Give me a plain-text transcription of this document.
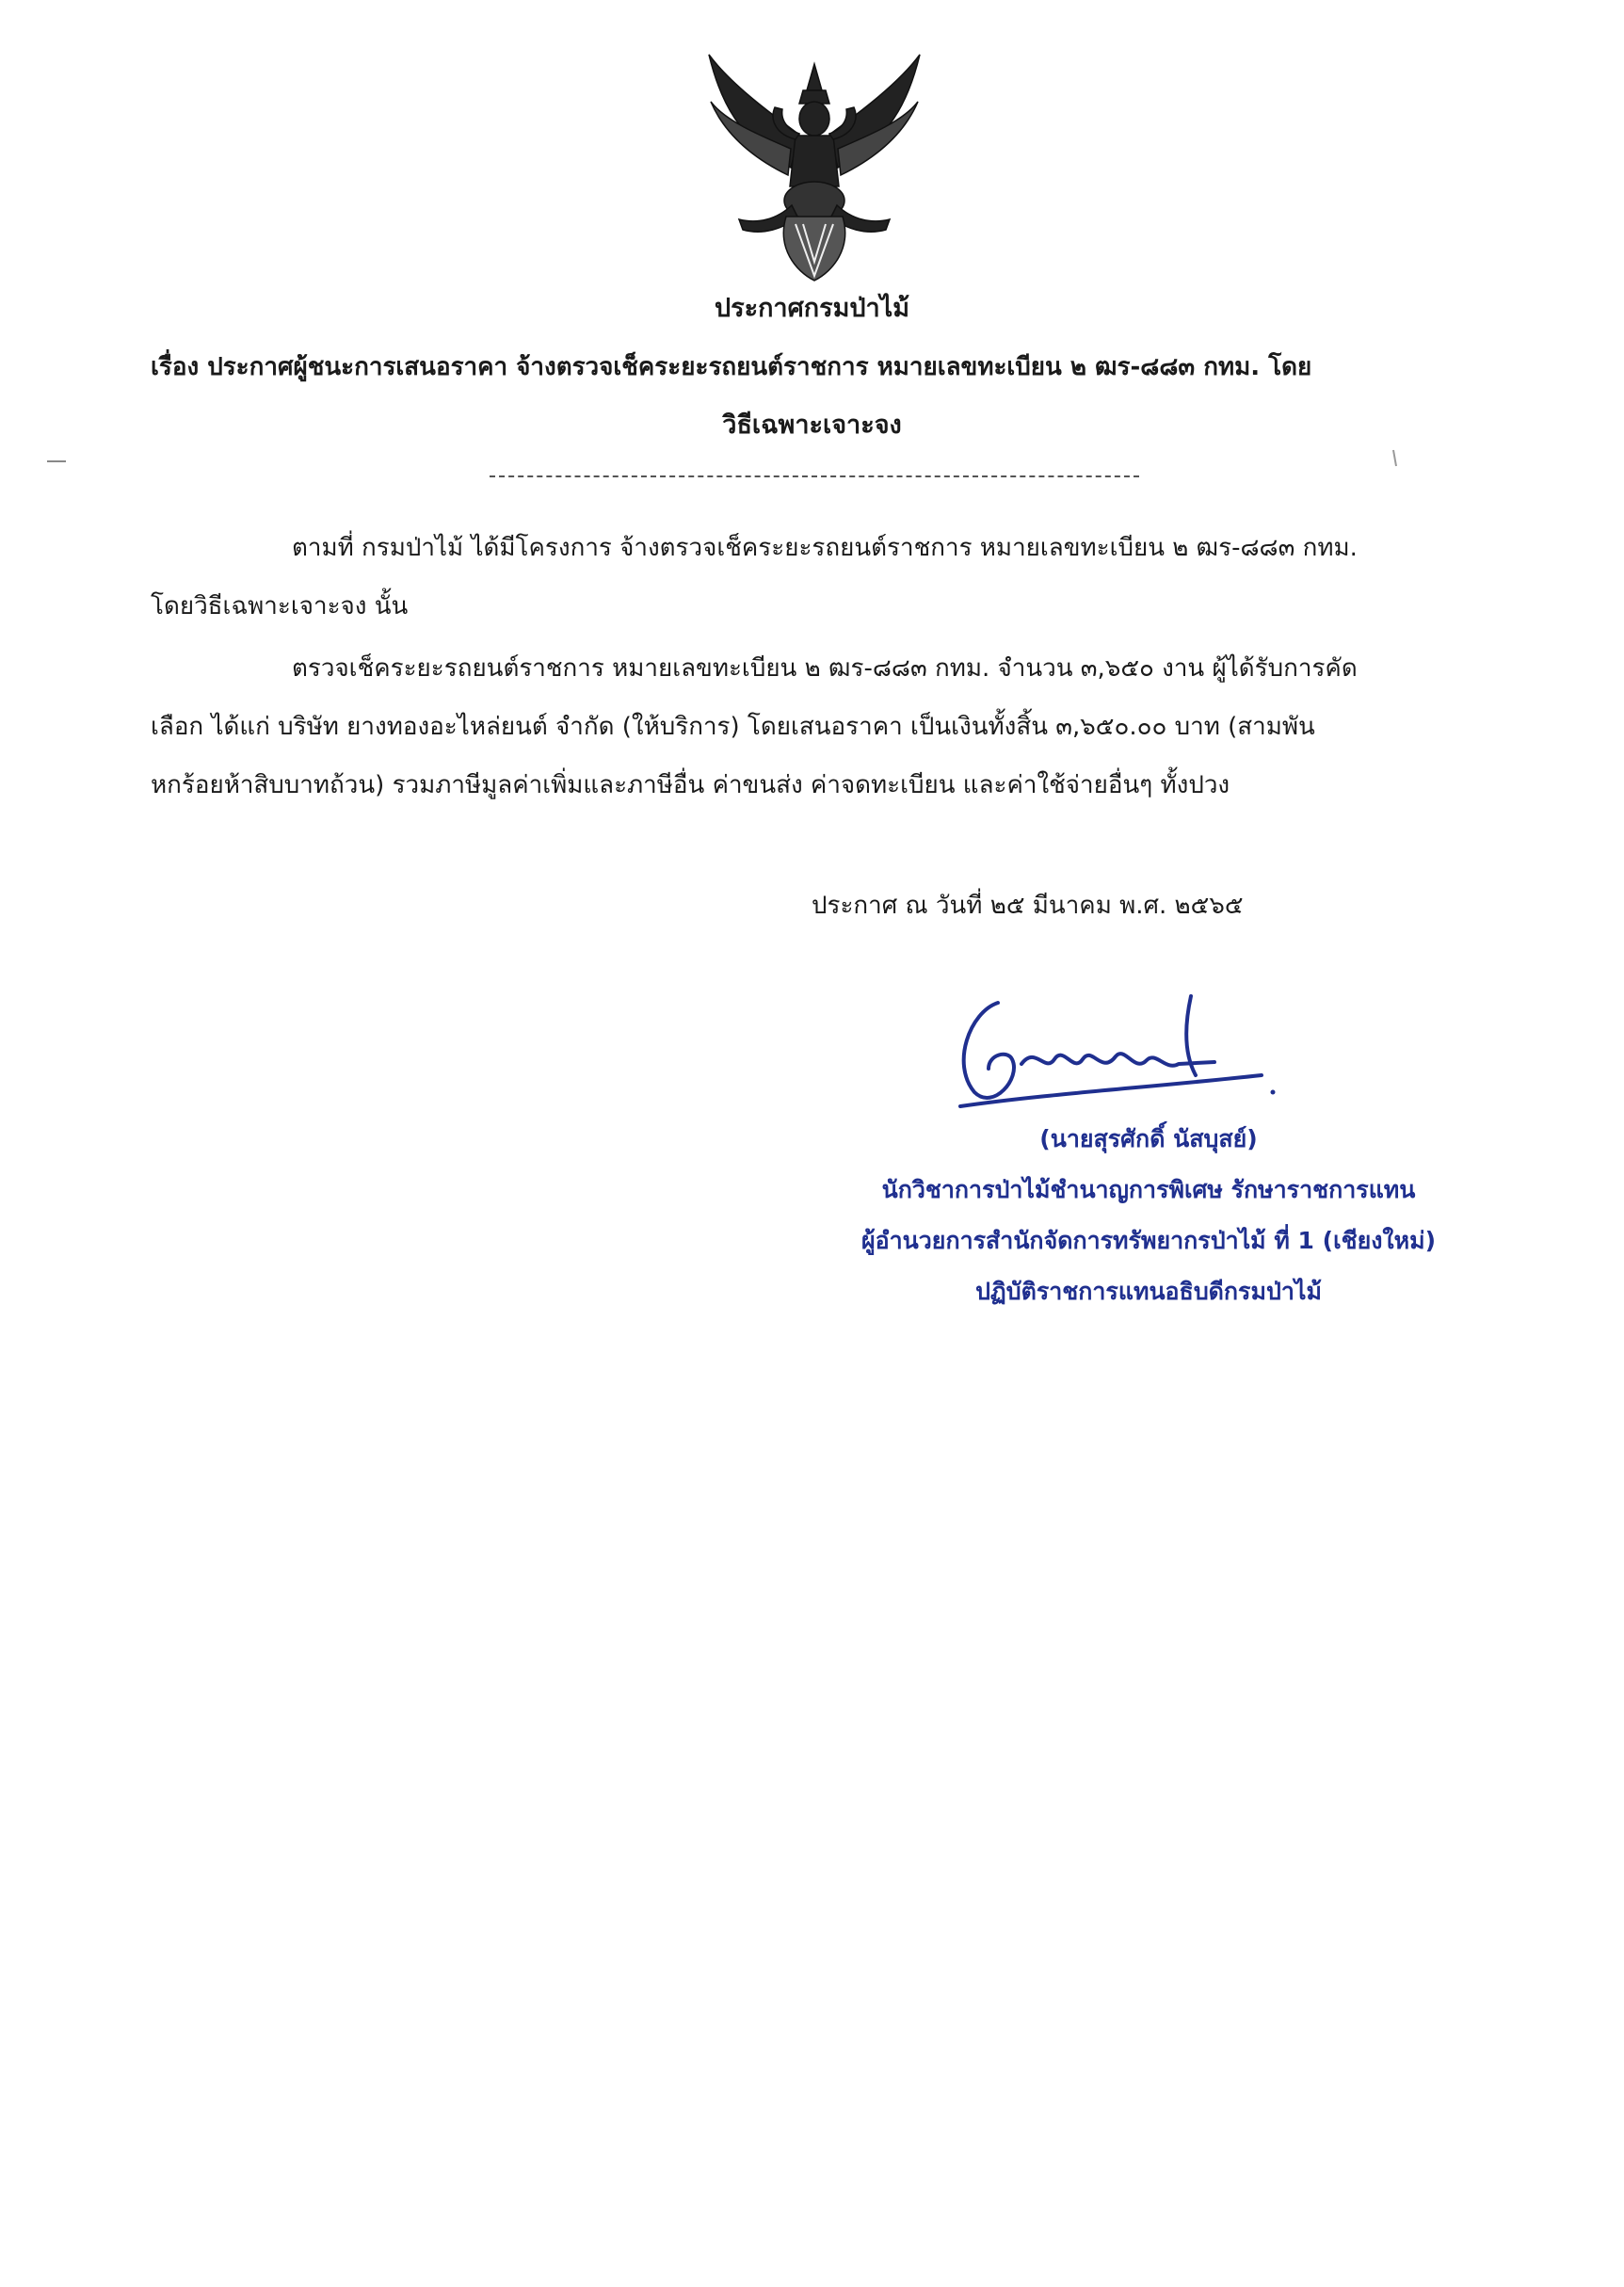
ประกาศกรมป่าไม้
เรื่อง ประกาศผู้ชนะการเสนอราคา จ้างตรวจเช็คระยะรถยนต์ราชการ หมายเลขทะเบียน ๒ ฒร-๘๘๓ กทม. โดย
วิธีเฉพาะเจาะจง
ตามที่ กรมป่าไม้ ได้มีโครงการ จ้างตรวจเช็คระยะรถยนต์ราชการ หมายเลขทะเบียน ๒ ฒร-๘๘๓ กทม.
โดยวิธีเฉพาะเจาะจง นั้น
ตรวจเช็คระยะรถยนต์ราชการ หมายเลขทะเบียน ๒ ฒร-๘๘๓ กทม. จำนวน ๓,๖๕๐ งาน ผู้ได้รับการคัด
เลือก ได้แก่ บริษัท ยางทองอะไหล่ยนต์ จำกัด (ให้บริการ) โดยเสนอราคา เป็นเงินทั้งสิ้น ๓,๖๕๐.๐๐ บาท (สามพัน
หกร้อยห้าสิบบาทถ้วน) รวมภาษีมูลค่าเพิ่มและภาษีอื่น ค่าขนส่ง ค่าจดทะเบียน และค่าใช้จ่ายอื่นๆ ทั้งปวง
ประกาศ ณ วันที่ ๒๕ มีนาคม พ.ศ. ๒๕๖๕
(นายสุรศักดิ์ นัสบุสย์)
นักวิชาการป่าไม้ชำนาญการพิเศษ รักษาราชการแทน
ผู้อำนวยการสำนักจัดการทรัพยากรป่าไม้ ที่ 1 (เชียงใหม่)
ปฏิบัติราชการแทนอธิบดีกรมป่าไม้
